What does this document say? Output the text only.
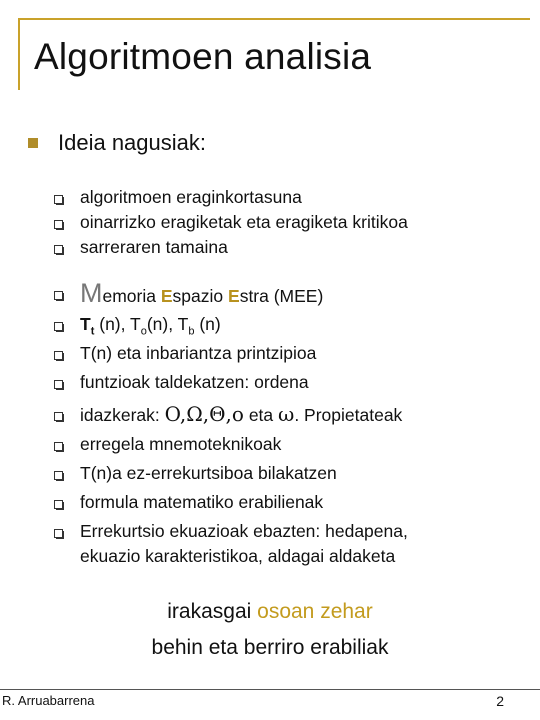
Algoritmoen analisia
Ideia nagusiak:
algoritmoen eraginkortasuna
oinarrizko eragiketak eta eragiketa kritikoa
sarreraren tamaina
Memoria Espazio Estra (MEE)
$T_t$ (n), $T_o(n)$, $T_b$ (n)
T(n) eta inbariantza printzipioa
funtzioak taldekatzen: ordena
idazkerak: O,Ω,Θ,o eta ω. Propietateak
erregela mnemoteknikoak
T(n)a ez-errekurtsiboa bilakatzen
formula matematiko erabilienak
Errekurtsio ekuazioak ebazten: hedapena,
ekuazio karakteristikoa, aldagai aldaketa
irakasgai osoan zehar
behin eta berriro erabiliak
R. Arruabarrena	2
